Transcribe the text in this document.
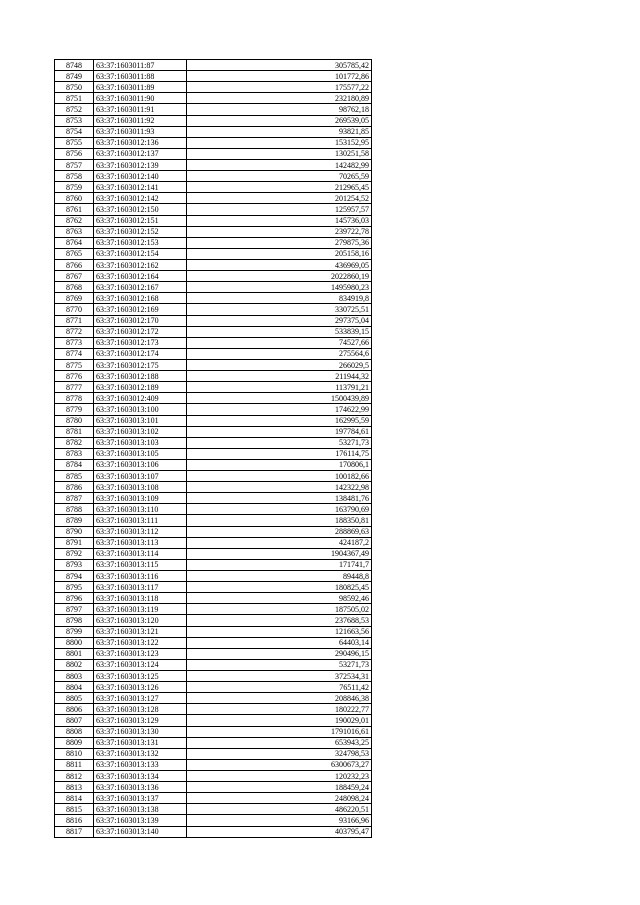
8748	63:37:1603011:87	305785,42
8749	63:37:1603011:88	101772,86
8750	63:37:1603011:89	175577,22
8751	63:37:1603011:90	232180,89
8752	63:37:1603011:91	98762,18
8753	63:37:1603011:92	269539,05
8754	63:37:1603011:93	93821,85
8755	63:37:1603012:136	153152,95
8756	63:37:1603012:137	130251,58
8757	63:37:1603012:139	142482,99
8758	63:37:1603012:140	70265,59
8759	63:37:1603012:141	212965,45
8760	63:37:1603012:142	201254,52
8761	63:37:1603012:150	125957,57
8762	63:37:1603012:151	145736,03
8763	63:37:1603012:152	239722,78
8764	63:37:1603012:153	279875,36
8765	63:37:1603012:154	205158,16
8766	63:37:1603012:162	436969,05
8767	63:37:1603012:164	2022860,19
8768	63:37:1603012:167	1495980,23
8769	63:37:1603012:168	834919,8
8770	63:37:1603012:169	330725,51
8771	63:37:1603012:170	297375,04
8772	63:37:1603012:172	533839,15
8773	63:37:1603012:173	74527,66
8774	63:37:1603012:174	275564,6
8775	63:37:1603012:175	266029,5
8776	63:37:1603012:188	211944,32
8777	63:37:1603012:189	113791,21
8778	63:37:1603012:409	1500439,89
8779	63:37:1603013:100	174622,99
8780	63:37:1603013:101	162995,59
8781	63:37:1603013:102	197784,61
8782	63:37:1603013:103	53271,73
8783	63:37:1603013:105	176114,75
8784	63:37:1603013:106	170806,1
8785	63:37:1603013:107	100182,66
8786	63:37:1603013:108	142322,98
8787	63:37:1603013:109	138481,76
8788	63:37:1603013:110	163790,69
8789	63:37:1603013:111	188350,81
8790	63:37:1603013:112	288869,63
8791	63:37:1603013:113	424187,2
8792	63:37:1603013:114	1904367,49
8793	63:37:1603013:115	171741,7
8794	63:37:1603013:116	89448,8
8795	63:37:1603013:117	180825,45
8796	63:37:1603013:118	98592,46
8797	63:37:1603013:119	187505,02
8798	63:37:1603013:120	237688,53
8799	63:37:1603013:121	121663,56
8800	63:37:1603013:122	64403,14
8801	63:37:1603013:123	290496,15
8802	63:37:1603013:124	53271,73
8803	63:37:1603013:125	372534,31
8804	63:37:1603013:126	76511,42
8805	63:37:1603013:127	208846,38
8806	63:37:1603013:128	180222,77
8807	63:37:1603013:129	190029,01
8808	63:37:1603013:130	1791016,61
8809	63:37:1603013:131	653943,25
8810	63:37:1603013:132	324798,53
8811	63:37:1603013:133	6300673,27
8812	63:37:1603013:134	120232,23
8813	63:37:1603013:136	188459,24
8814	63:37:1603013:137	248098,24
8815	63:37:1603013:138	486220,51
8816	63:37:1603013:139	93166,96
8817	63:37:1603013:140	403795,47
